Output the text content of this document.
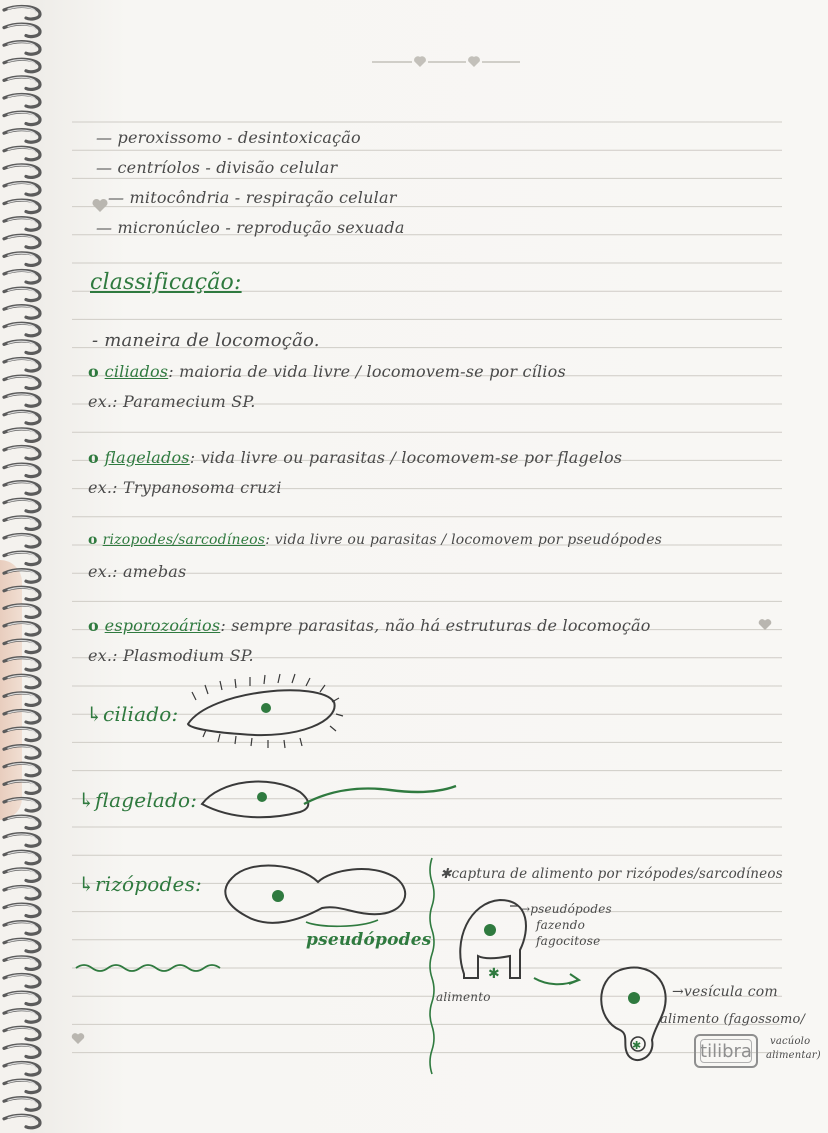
— peroxissomo - desintoxicação
— centríolos - divisão celular
— mitocôndria - respiração celular
— micronúcleo - reprodução sexuada
classificação:
- maneira de locomoção.
o ciliados: maioria de vida livre / locomovem-se por cílios
ex.: Paramecium SP.
o flagelados: vida livre ou parasitas / locomovem-se por flagelos
ex.: Trypanosoma cruzi
o rizopodes/sarcodíneos: vida livre ou parasitas / locomovem por pseudópodes
ex.: amebas
o esporozoários: sempre parasitas, não há estruturas de locomoção
ex.: Plasmodium SP.
↳ciliado:
↳flagelado:
↳rizópodes:
pseudópodes
✱captura de alimento por rizópodes/sarcodíneos
→pseudópodes
fazendo
fagocitose
alimento	→vesícula com
alimento (fagossomo/
vacúolo
alimentar)
tilibra
✱
✱
